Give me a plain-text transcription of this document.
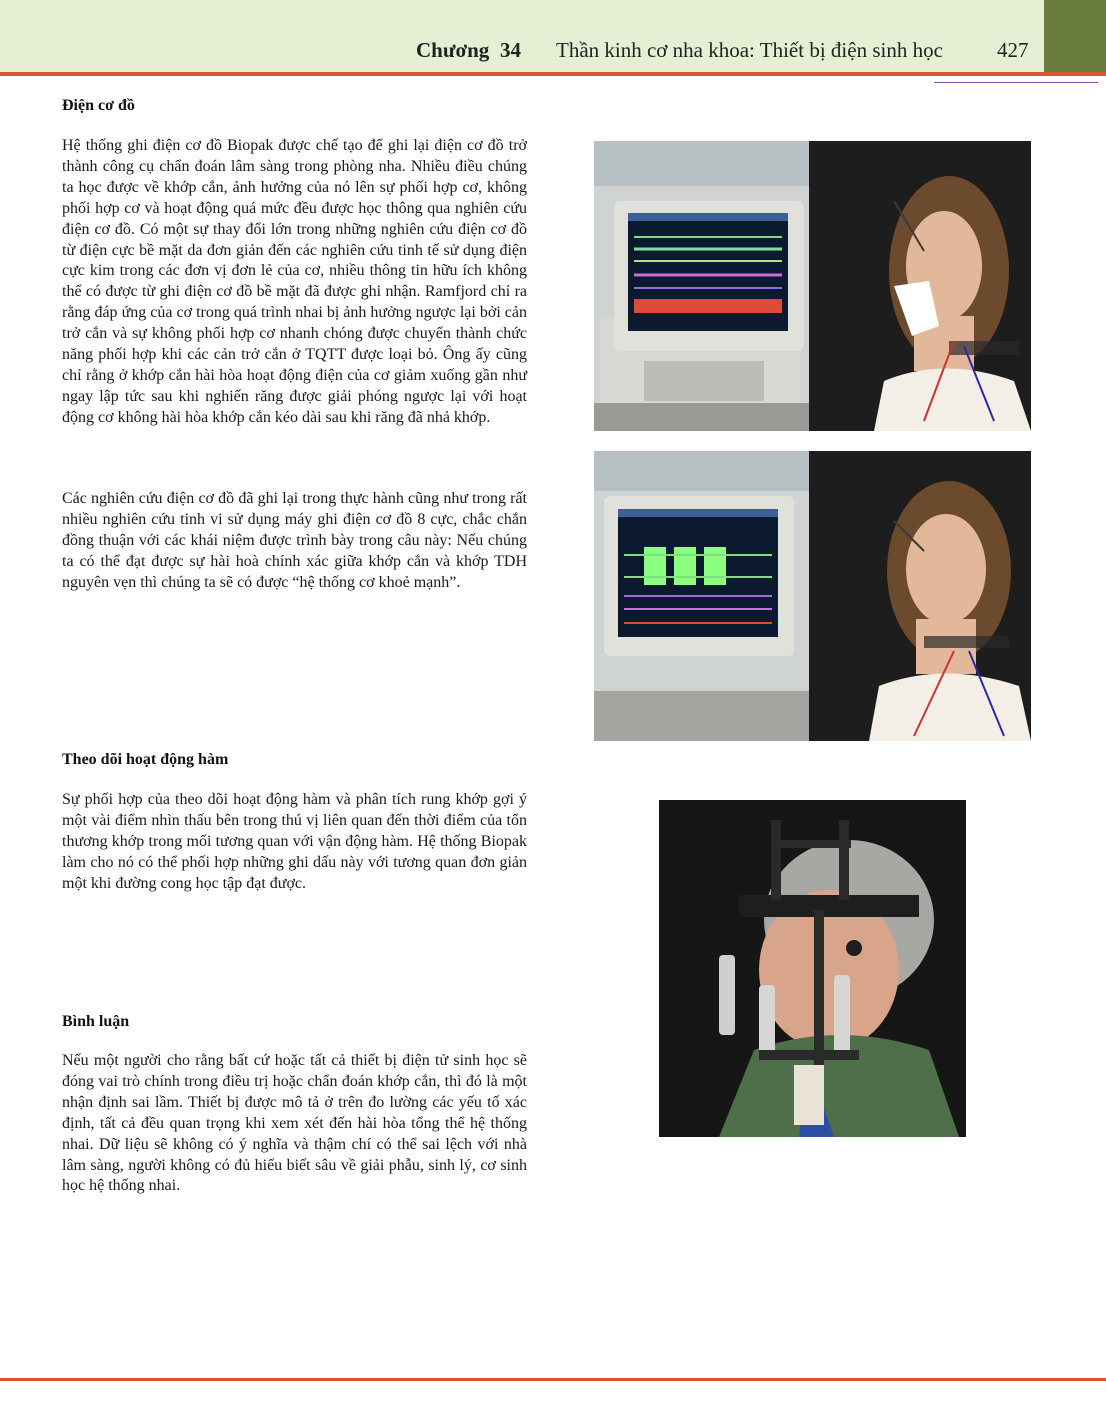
Chương 34 Thần kinh cơ nha khoa: Thiết bị điện sinh học	427
Điện cơ đồ
Hệ thống ghi điện cơ đồ Biopak được chế tạo để ghi lại điện cơ đồ trở thành công cụ chẩn đoán lâm sàng trong phòng nha. Nhiều điều chúng ta học được về khớp cắn, ảnh hưởng của nó lên sự phối hợp cơ, không phối hợp cơ và hoạt động quá mức đều được học thông qua nghiên cứu điện cơ đồ. Có một sự thay đổi lớn trong những nghiên cứu điện cơ đồ từ điện cực bề mặt da đơn giản đến các nghiên cứu tinh tế sử dụng điện cực kim trong các đơn vị đơn lẻ của cơ, nhiều thông tin hữu ích không thể có được từ ghi điện cơ đồ bề mặt đã được ghi nhận. Ramfjord chỉ ra rằng đáp ứng của cơ trong quá trình nhai bị ảnh hưởng ngược lại bởi cản trở cắn và sự không phối hợp cơ nhanh chóng được chuyển thành chức năng phối hợp khi các cản trở cắn ở TQTT được loại bỏ. Ông ấy cũng chỉ rằng ở khớp cắn hài hòa hoạt động điện của cơ giảm xuống gần như ngay lập tức sau khi nghiến răng được giải phóng ngược lại với hoạt động cơ không hài hòa khớp cắn kéo dài sau khi răng đã nhả khớp.
Các nghiên cứu điện cơ đồ đã ghi lại trong thực hành cũng như trong rất nhiều nghiên cứu tinh vi sử dụng máy ghi điện cơ đồ 8 cực, chắc chắn đồng thuận với các khái niệm được trình bày trong câu này: Nếu chúng ta có thể đạt được sự hài hoà chính xác giữa khớp cắn và khớp TDH nguyên vẹn thì chúng ta sẽ có được “hệ thống cơ khoẻ mạnh”.
Theo dõi hoạt động hàm
Sự phối hợp của theo dõi hoạt động hàm và phân tích rung khớp gợi ý một vài điểm nhìn thấu bên trong thú vị liên quan đến thời điểm của tổn thương khớp trong mối tương quan với vận động hàm. Hệ thống Biopak làm cho nó có thể phối hợp những ghi dấu này với tương quan đơn giản một khi đường cong học tập đạt được.
Bình luận
Nếu một người cho rằng bất cứ hoặc tất cả thiết bị điện tử sinh học sẽ đóng vai trò chính trong điều trị hoặc chẩn đoán khớp cắn, thì đó là một nhận định sai lầm. Thiết bị được mô tả ở trên đo lường các yếu tố xác định, tất cả đều quan trọng khi xem xét đến hài hòa tổng thể hệ thống nhai. Dữ liệu sẽ không có ý nghĩa và thậm chí có thể sai lệch với nhà lâm sàng, người không có đủ hiểu biết sâu về giải phẫu, sinh lý, cơ sinh học hệ thống nhai.
